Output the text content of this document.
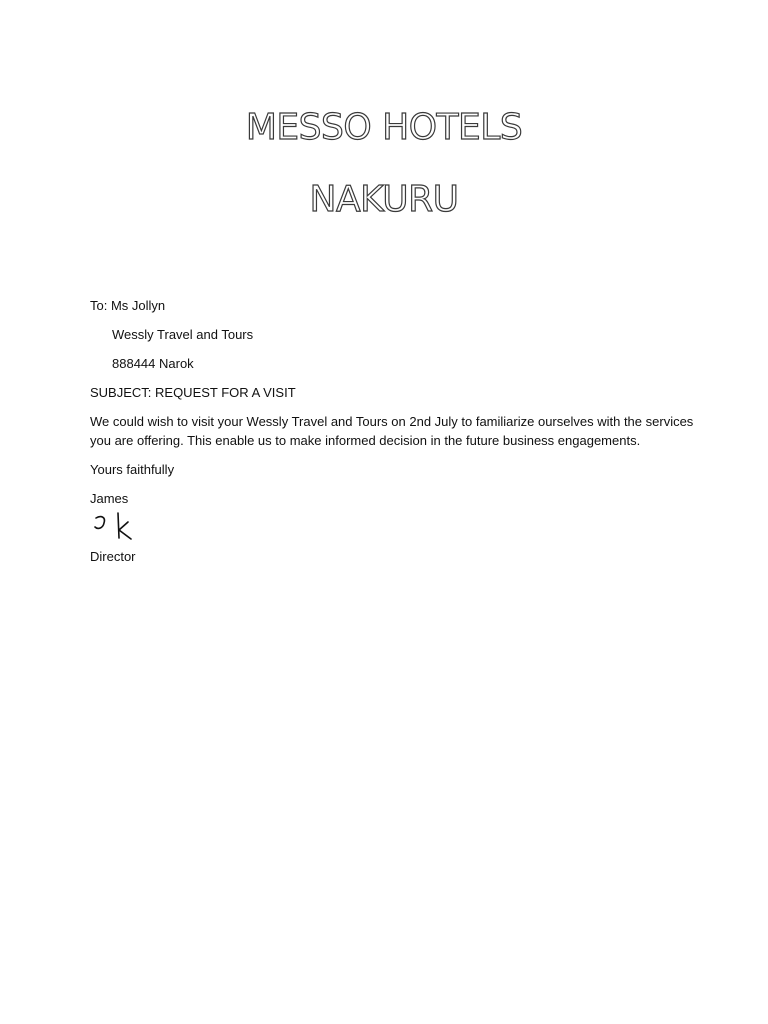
MESSO HOTELS
NAKURU
To: Ms Jollyn
Wessly Travel and Tours
888444 Narok
SUBJECT: REQUEST FOR A VISIT
We could wish to visit your Wessly Travel and Tours on 2nd July to familiarize ourselves with the services
you are offering. This enable us to make informed decision in the future business engagements.
Yours faithfully
James
Director
